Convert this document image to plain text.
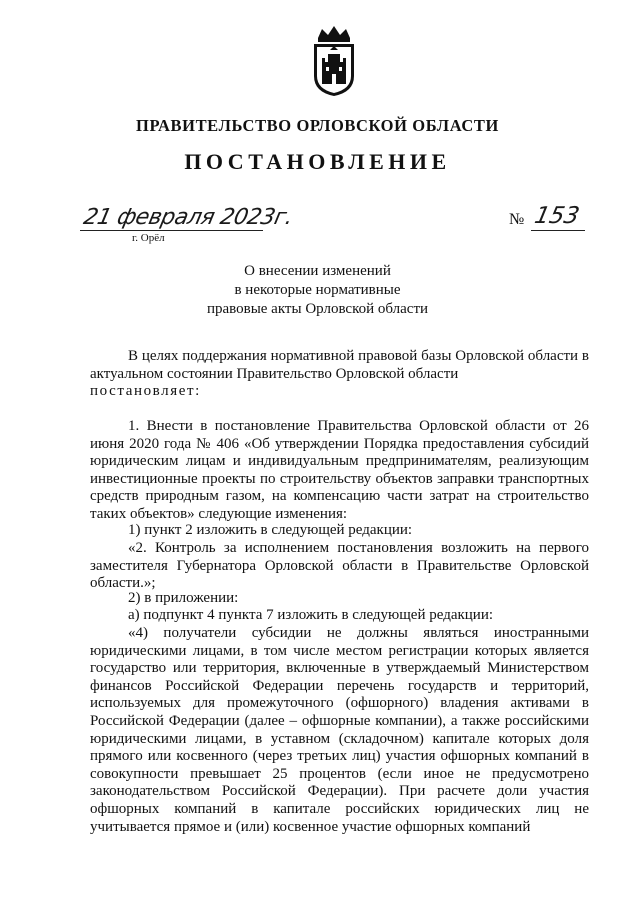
ПРАВИТЕЛЬСТВО ОРЛОВСКОЙ ОБЛАСТИ
ПОСТАНОВЛЕНИЕ
21 февраля 2023г.
г. Орёл
№ 153
О внесении изменений
в некоторые нормативные
правовые акты Орловской области
В целях поддержания нормативной правовой базы Орловской области в актуальном состоянии Правительство Орловской области
постановляет:
1. Внести в постановление Правительства Орловской области от 26 июня 2020 года № 406 «Об утверждении Порядка предоставления субсидий юридическим лицам и индивидуальным предпринимателям, реализующим инвестиционные проекты по строительству объектов заправки транспортных средств природным газом, на компенсацию части затрат на строительство таких объектов» следующие изменения:
1) пункт 2 изложить в следующей редакции:
«2. Контроль за исполнением постановления возложить на первого заместителя Губернатора Орловской области в Правительстве Орловской области.»;
2) в приложении:
а) подпункт 4 пункта 7 изложить в следующей редакции:
«4) получатели субсидии не должны являться иностранными юридическими лицами, в том числе местом регистрации которых является государство или территория, включенные в утверждаемый Министерством финансов Российской Федерации перечень государств и территорий, используемых для промежуточного (офшорного) владения активами в Российской Федерации (далее – офшорные компании), а также российскими юридическими лицами, в уставном (складочном) капитале которых доля прямого или косвенного (через третьих лиц) участия офшорных компаний в совокупности превышает 25 процентов (если иное не предусмотрено законодательством Российской Федерации). При расчете доли участия офшорных компаний в капитале российских юридических лиц не учитывается прямое и (или) косвенное участие офшорных компаний
